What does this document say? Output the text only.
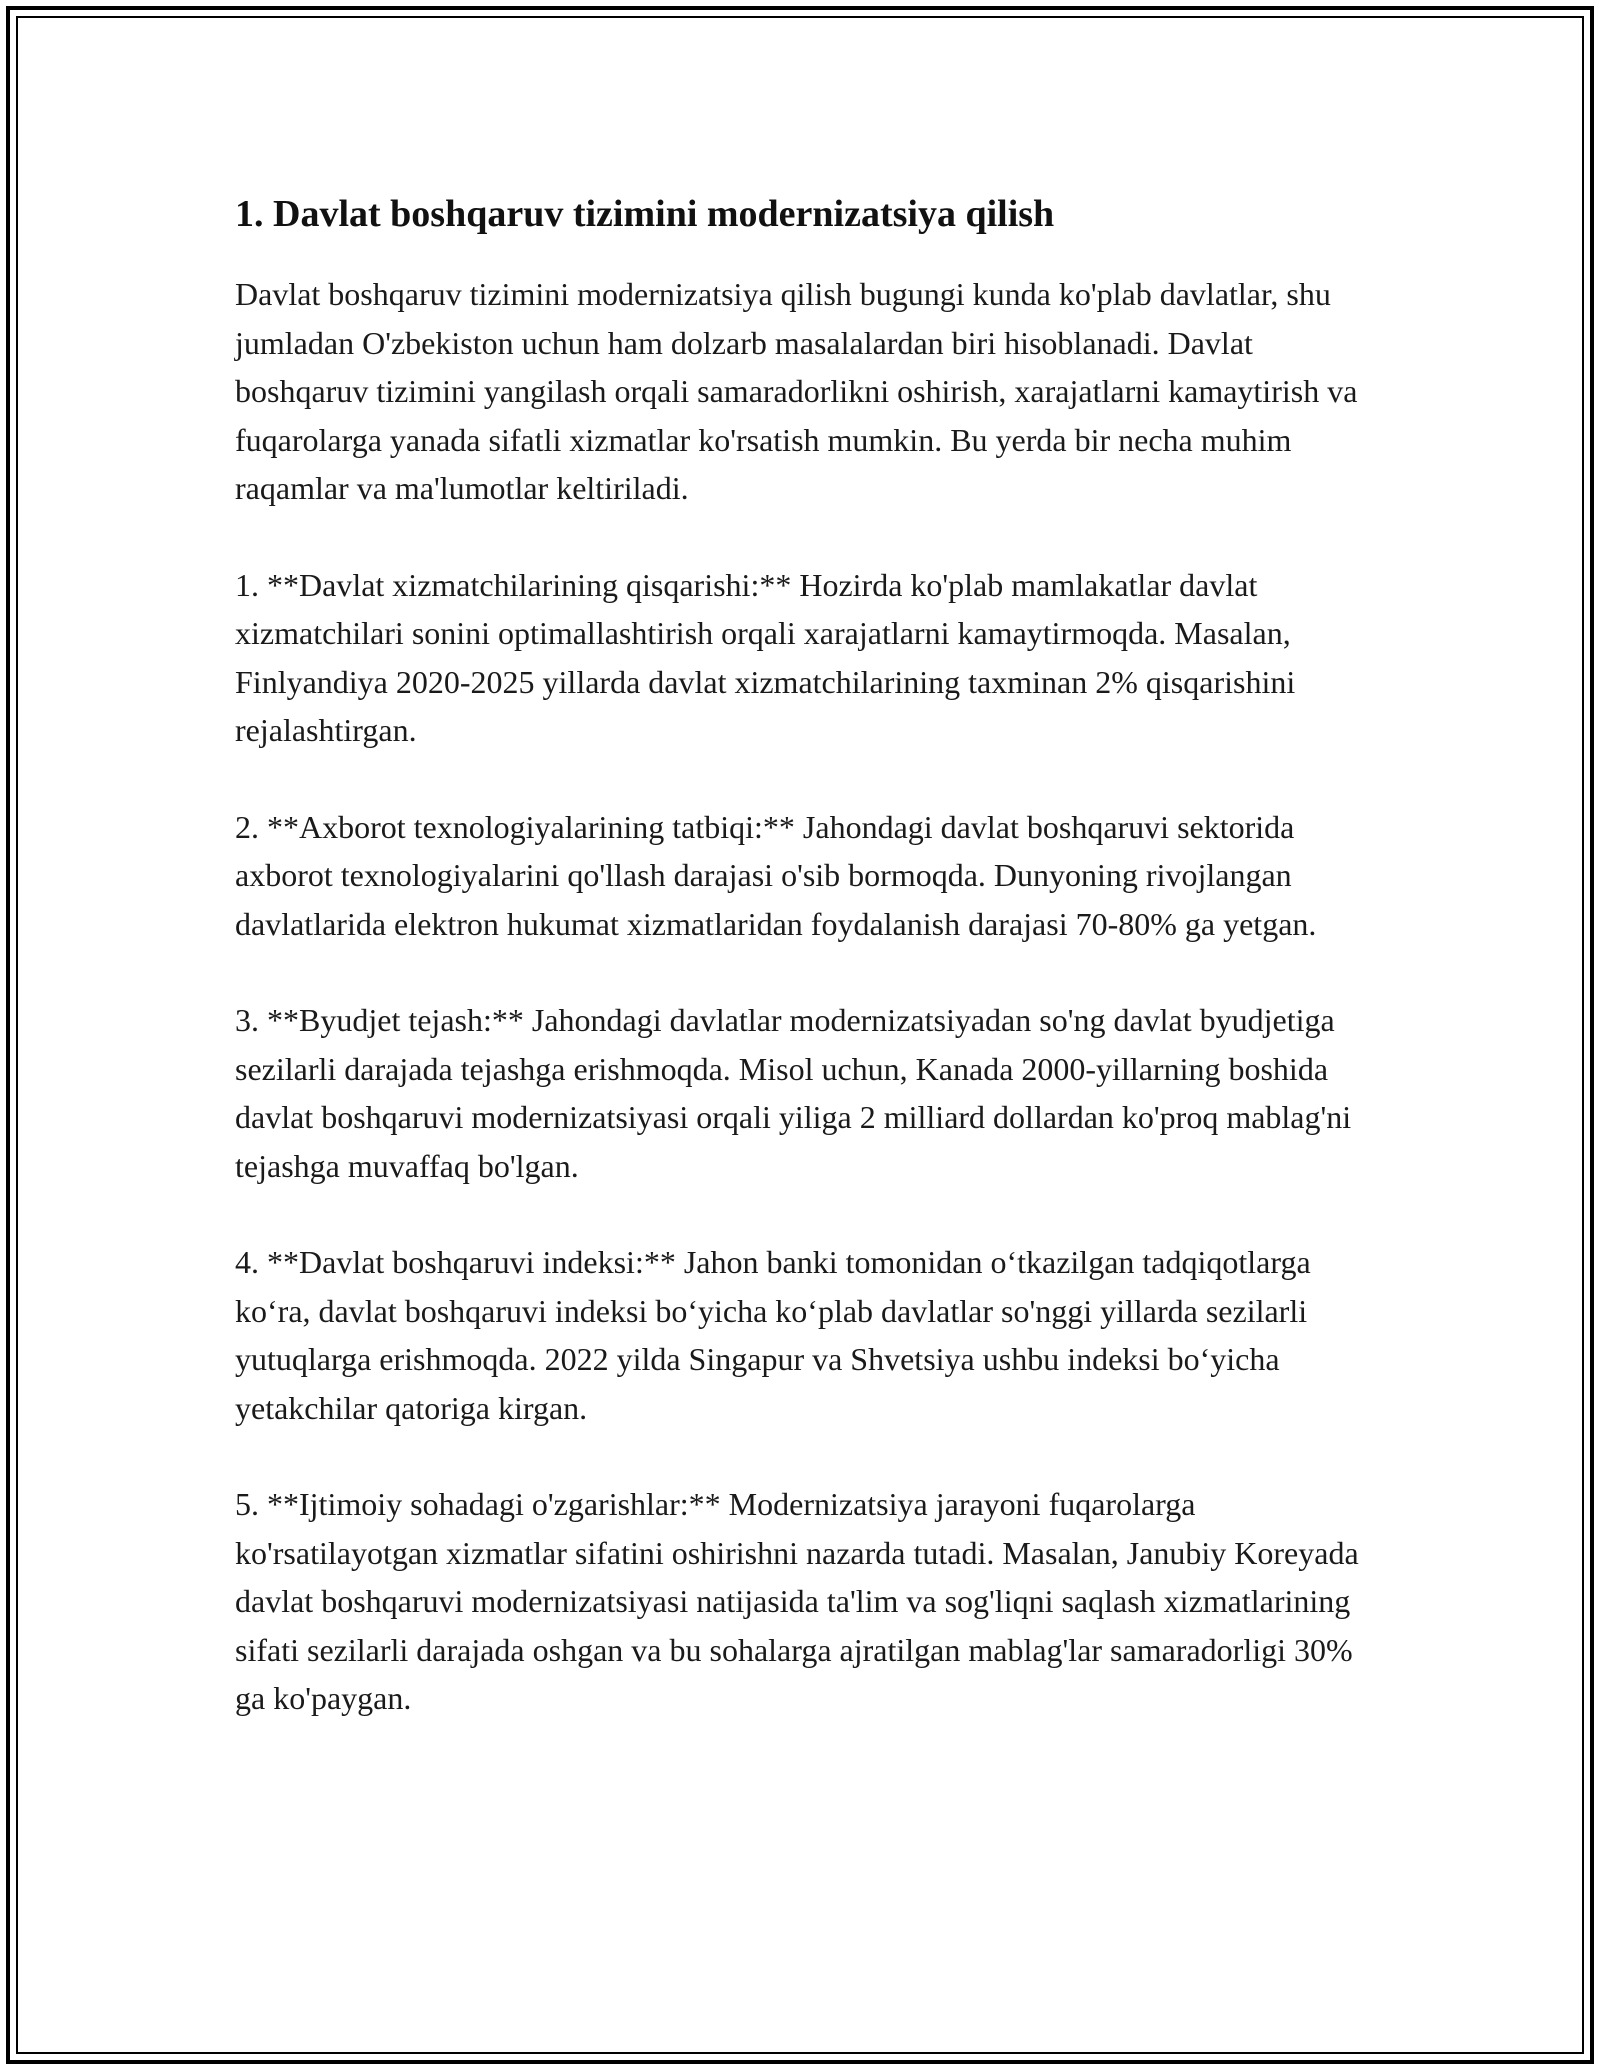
1. Davlat boshqaruv tizimini modernizatsiya qilish

Davlat boshqaruv tizimini modernizatsiya qilish bugungi kunda ko'plab davlatlar, shu jumladan O'zbekiston uchun ham dolzarb masalalardan biri hisoblanadi. Davlat boshqaruv tizimini yangilash orqali samaradorlikni oshirish, xarajatlarni kamaytirish va fuqarolarga yanada sifatli xizmatlar ko'rsatish mumkin. Bu yerda bir necha muhim raqamlar va ma'lumotlar keltiriladi.

1. **Davlat xizmatchilarining qisqarishi:** Hozirda ko'plab mamlakatlar davlat xizmatchilari sonini optimallashtirish orqali xarajatlarni kamaytirmoqda. Masalan, Finlyandiya 2020-2025 yillarda davlat xizmatchilarining taxminan 2% qisqarishini rejalashtirgan.

2. **Axborot texnologiyalarining tatbiqi:** Jahondagi davlat boshqaruvi sektorida axborot texnologiyalarini qo'llash darajasi o'sib bormoqda. Dunyoning rivojlangan davlatlarida elektron hukumat xizmatlaridan foydalanish darajasi 70-80% ga yetgan.

3. **Byudjet tejash:** Jahondagi davlatlar modernizatsiyadan so'ng davlat byudjetiga sezilarli darajada tejashga erishmoqda. Misol uchun, Kanada 2000-yillarning boshida davlat boshqaruvi modernizatsiyasi orqali yiliga 2 milliard dollardan ko'proq mablag'ni tejashga muvaffaq bo'lgan.

4. **Davlat boshqaruvi indeksi:** Jahon banki tomonidan o‘tkazilgan tadqiqotlarga ko‘ra, davlat boshqaruvi indeksi bo‘yicha ko‘plab davlatlar so'nggi yillarda sezilarli yutuqlarga erishmoqda. 2022 yilda Singapur va Shvetsiya ushbu indeksi bo‘yicha yetakchilar qatoriga kirgan.

5. **Ijtimoiy sohadagi o'zgarishlar:** Modernizatsiya jarayoni fuqarolarga ko'rsatilayotgan xizmatlar sifatini oshirishni nazarda tutadi. Masalan, Janubiy Koreyada davlat boshqaruvi modernizatsiyasi natijasida ta'lim va sog'liqni saqlash xizmatlarining sifati sezilarli darajada oshgan va bu sohalarga ajratilgan mablag'lar samaradorligi 30% ga ko'paygan.
